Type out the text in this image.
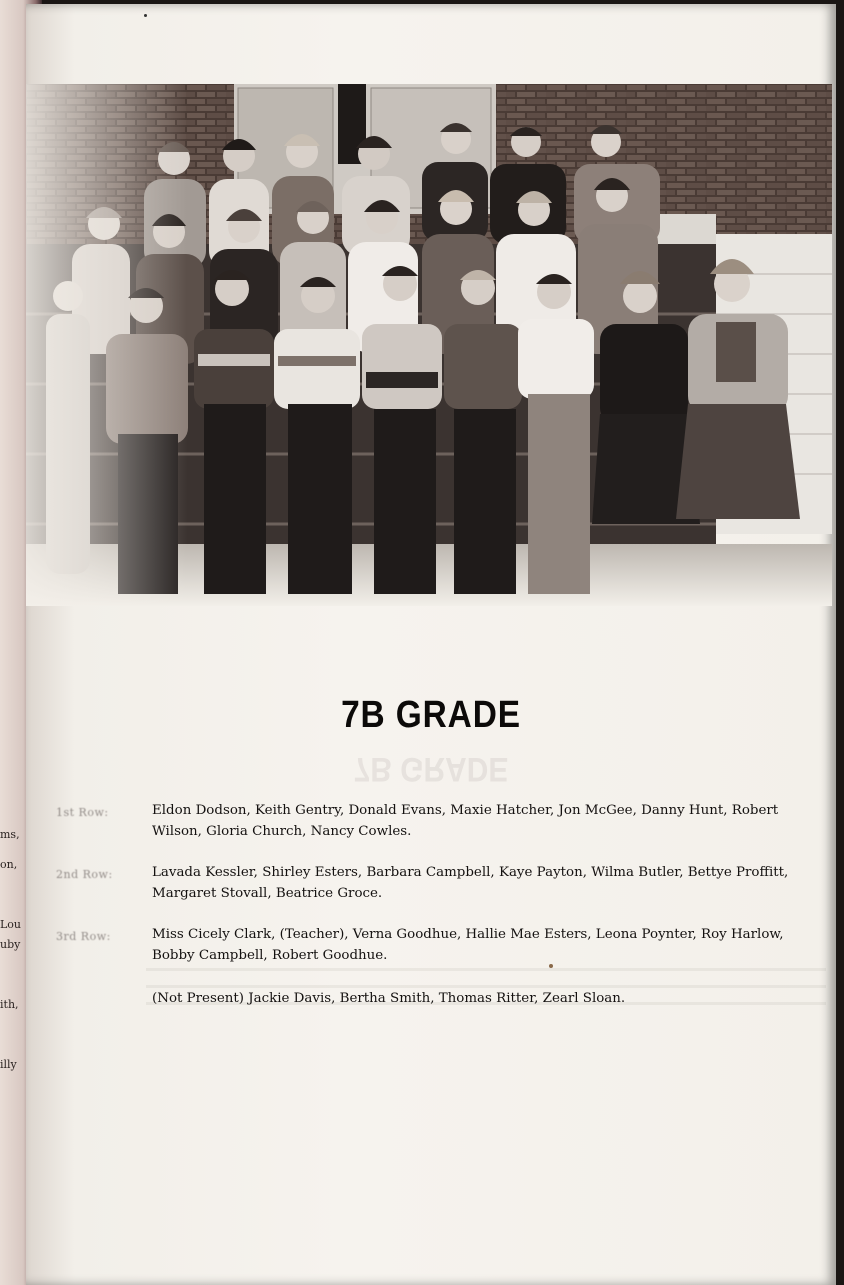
ms,
on,
Lou
uby
ith,
illy
7B GRADE
7B GRADE
1st Row:	Eldon Dodson, Keith Gentry, Donald Evans, Maxie Hatcher, Jon McGee, Danny Hunt, Robert Wilson, Gloria Church, Nancy Cowles.
2nd Row:	Lavada Kessler, Shirley Esters, Barbara Campbell, Kaye Payton, Wilma Butler, Bettye Proffitt, Margaret Stovall, Beatrice Groce.
3rd Row:	Miss Cicely Clark, (Teacher), Verna Goodhue, Hallie Mae Esters, Leona Poynter, Roy Harlow, Bobby Campbell, Robert Goodhue.
(Not Present) Jackie Davis, Bertha Smith, Thomas Ritter, Zearl Sloan.
